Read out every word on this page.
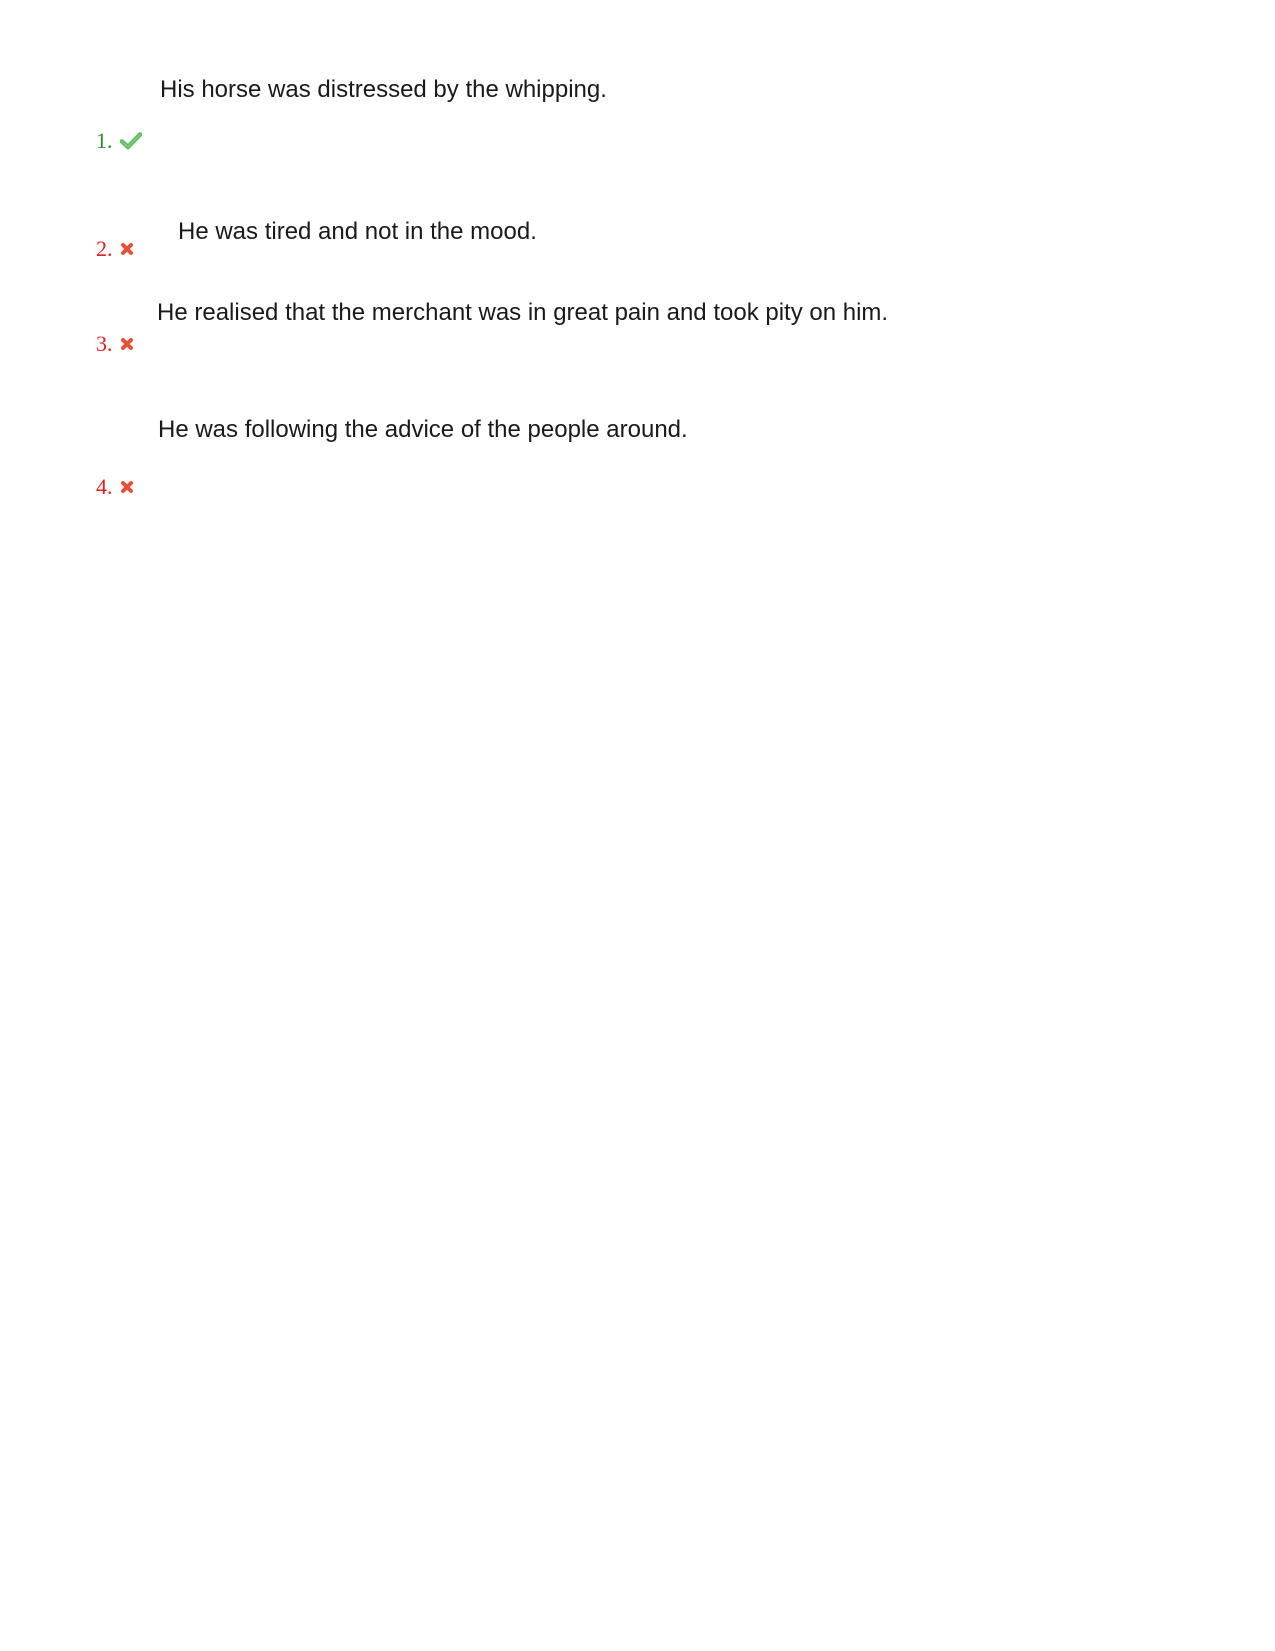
His horse was distressed by the whipping.
1.
He was tired and not in the mood.
2.
He realised that the merchant was in great pain and took pity on him.
3.
He was following the advice of the people around.
4.
